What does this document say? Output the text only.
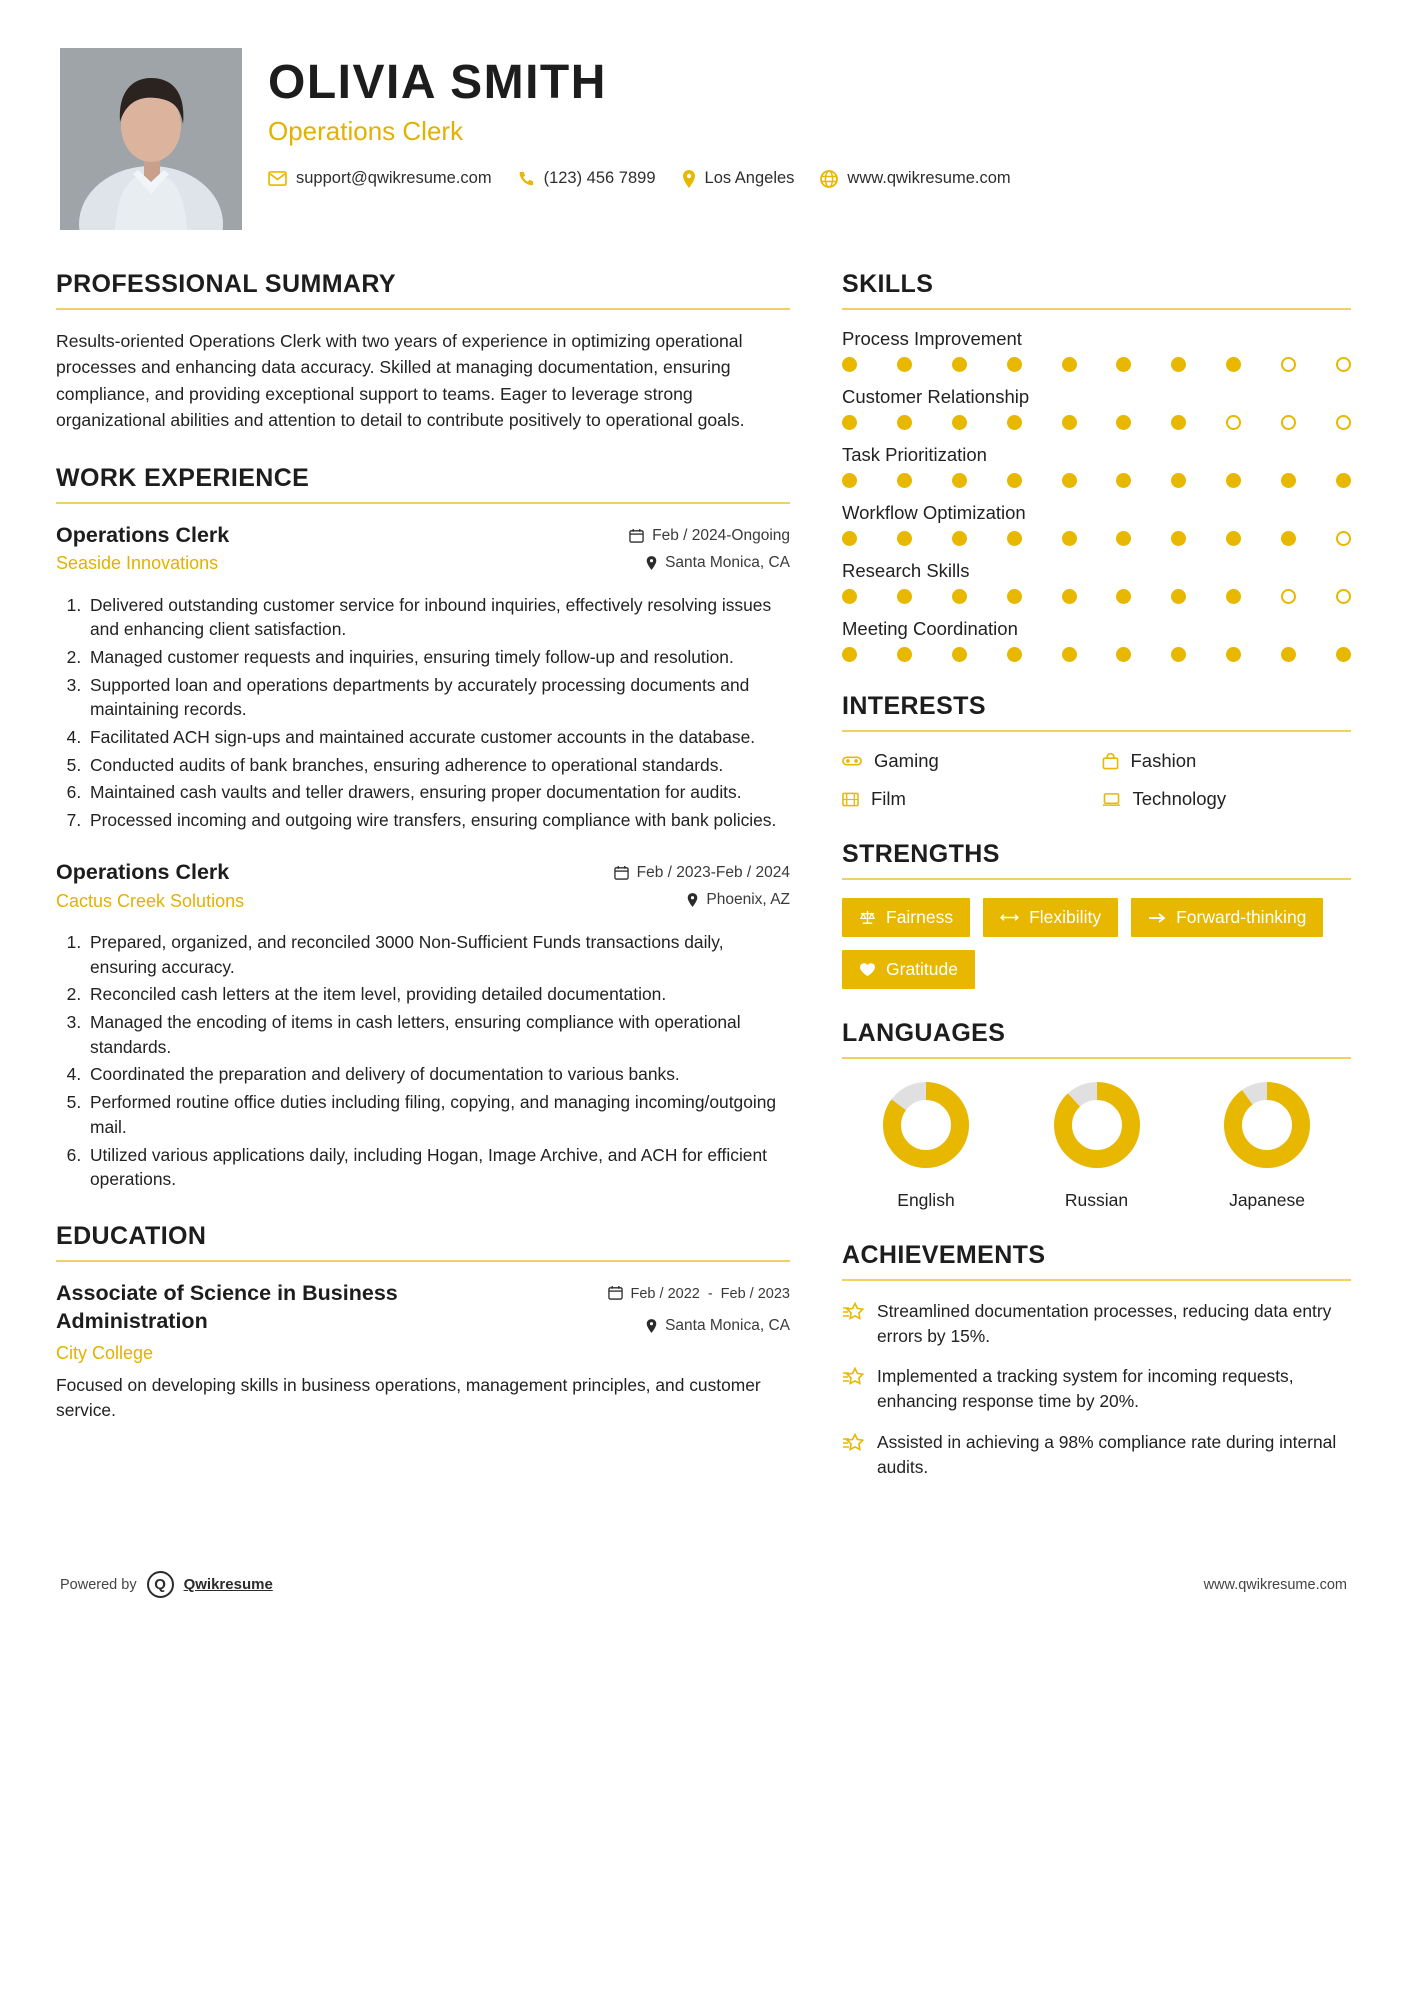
OLIVIA SMITH
Operations Clerk
support@qwikresume.com	(123) 456 7899	Los Angeles	www.qwikresume.com
PROFESSIONAL SUMMARY

Results-oriented Operations Clerk with two years of experience in optimizing operational processes and enhancing data accuracy. Skilled at managing documentation, ensuring compliance, and providing exceptional support to teams. Eager to leverage strong organizational abilities and attention to detail to contribute positively to operational goals.

WORK EXPERIENCE
Operations Clerk
Seaside Innovations
Feb / 2024-Ongoing
Santa Monica, CA
1. Delivered outstanding customer service for inbound inquiries, effectively resolving issues and enhancing client satisfaction.
2. Managed customer requests and inquiries, ensuring timely follow-up and resolution.
3. Supported loan and operations departments by accurately processing documents and maintaining records.
4. Facilitated ACH sign-ups and maintained accurate customer accounts in the database.
5. Conducted audits of bank branches, ensuring adherence to operational standards.
6. Maintained cash vaults and teller drawers, ensuring proper documentation for audits.
7. Processed incoming and outgoing wire transfers, ensuring compliance with bank policies.
Operations Clerk
Cactus Creek Solutions
Feb / 2023-Feb / 2024
Phoenix, AZ
1. Prepared, organized, and reconciled 3000 Non-Sufficient Funds transactions daily, ensuring accuracy.
2. Reconciled cash letters at the item level, providing detailed documentation.
3. Managed the encoding of items in cash letters, ensuring compliance with operational standards.
4. Coordinated the preparation and delivery of documentation to various banks.
5. Performed routine office duties including filing, copying, and managing incoming/outgoing mail.
6. Utilized various applications daily, including Hogan, Image Archive, and ACH for efficient operations.
EDUCATION
Associate of Science in Business Administration
City College
Feb / 2022 - Feb / 2023
Santa Monica, CA
Focused on developing skills in business operations, management principles, and customer service.
SKILLS
Process Improvement
Customer Relationship
Task Prioritization
Workflow Optimization
Research Skills
Meeting Coordination
INTERESTS
Gaming	Fashion
Film	Technology
STRENGTHS
Fairness	Flexibility	Forward-thinking
Gratitude
LANGUAGES
English	Russian	Japanese
ACHIEVEMENTS
Streamlined documentation processes, reducing data entry errors by 15%.
Implemented a tracking system for incoming requests, enhancing response time by 20%.
Assisted in achieving a 98% compliance rate during internal audits.
Powered by	Q	Qwikresume	www.qwikresume.com
